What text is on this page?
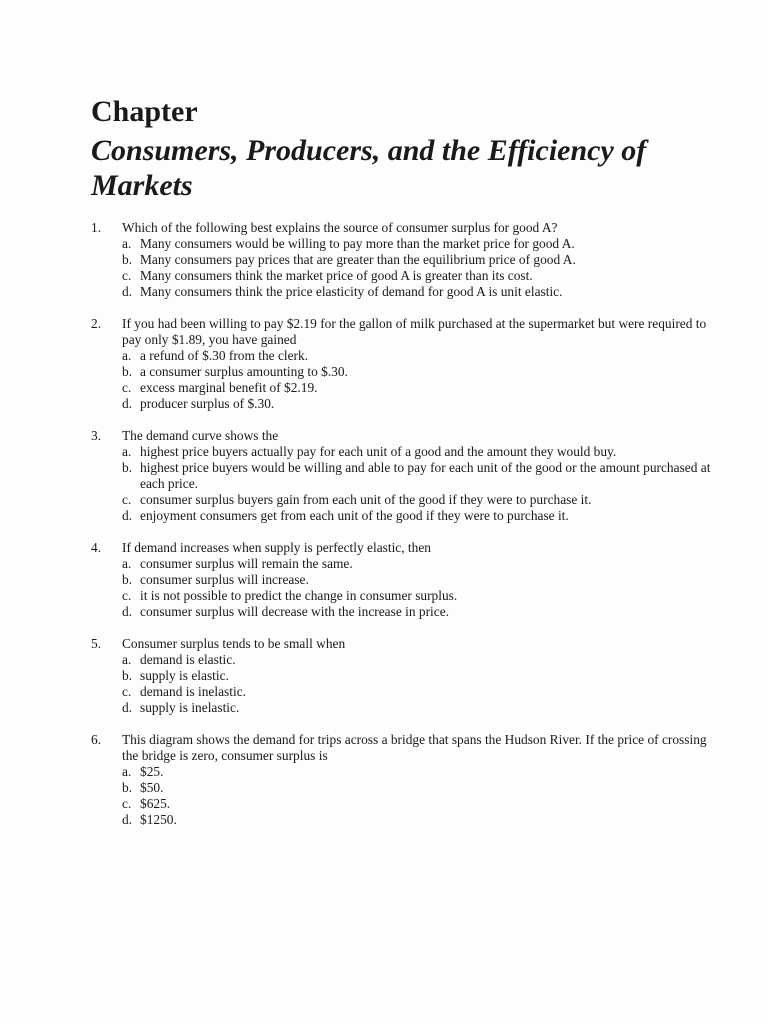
Chapter
Consumers, Producers, and the Efficiency of Markets
1. Which of the following best explains the source of consumer surplus for good A?
a. Many consumers would be willing to pay more than the market price for good A.
b. Many consumers pay prices that are greater than the equilibrium price of good A.
c. Many consumers think the market price of good A is greater than its cost.
d. Many consumers think the price elasticity of demand for good A is unit elastic.
2. If you had been willing to pay $2.19 for the gallon of milk purchased at the supermarket but were required to pay only $1.89, you have gained
a. a refund of $.30 from the clerk.
b. a consumer surplus amounting to $.30.
c. excess marginal benefit of $2.19.
d. producer surplus of $.30.
3. The demand curve shows the
a. highest price buyers actually pay for each unit of a good and the amount they would buy.
b. highest price buyers would be willing and able to pay for each unit of the good or the amount purchased at each price.
c. consumer surplus buyers gain from each unit of the good if they were to purchase it.
d. enjoyment consumers get from each unit of the good if they were to purchase it.
4. If demand increases when supply is perfectly elastic, then
a. consumer surplus will remain the same.
b. consumer surplus will increase.
c. it is not possible to predict the change in consumer surplus.
d. consumer surplus will decrease with the increase in price.
5. Consumer surplus tends to be small when
a. demand is elastic.
b. supply is elastic.
c. demand is inelastic.
d. supply is inelastic.
6. This diagram shows the demand for trips across a bridge that spans the Hudson River. If the price of crossing the bridge is zero, consumer surplus is
a. $25.
b. $50.
c. $625.
d. $1250.
